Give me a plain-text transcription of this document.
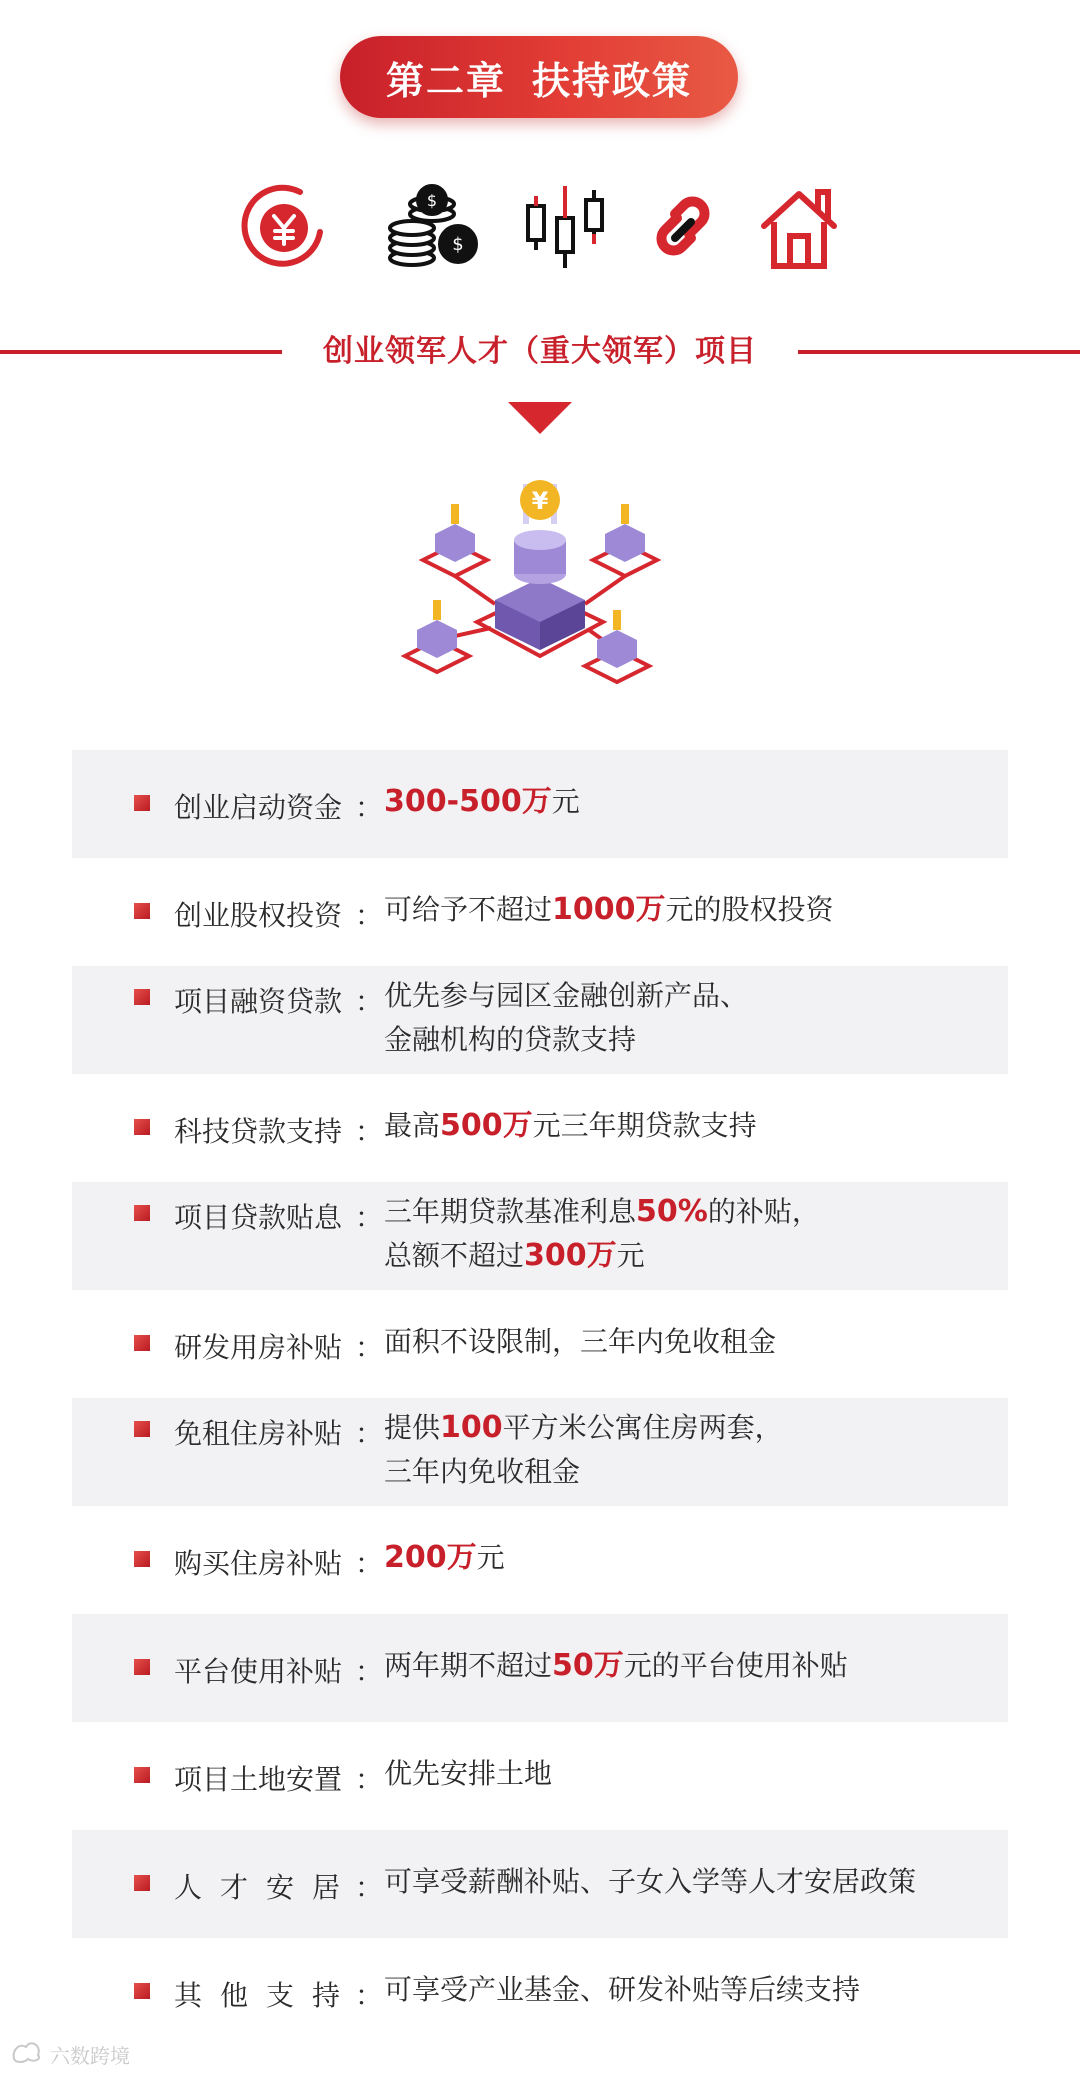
第二章 扶持政策
$
$
创业领军人才（重大领军）项目
¥
创业启动资金 ： 300-500万元
创业股权投资 ： 可给予不超过1000万元的股权投资
项目融资贷款 ： 优先参与园区金融创新产品、
金融机构的贷款支持
科技贷款支持 ： 最高500万元三年期贷款支持
项目贷款贴息 ： 三年期贷款基准利息50%的补贴，
总额不超过300万元
研发用房补贴 ： 面积不设限制，三年内免收租金
免租住房补贴 ： 提供100平方米公寓住房两套，
三年内免收租金
购买住房补贴 ： 200万元
平台使用补贴 ： 两年期不超过50万元的平台使用补贴
项目土地安置 ： 优先安排土地
人才安居
： 可享受薪酬补贴、子女入学等人才安居政策
其他支持
： 可享受产业基金、研发补贴等后续支持
六数跨境
